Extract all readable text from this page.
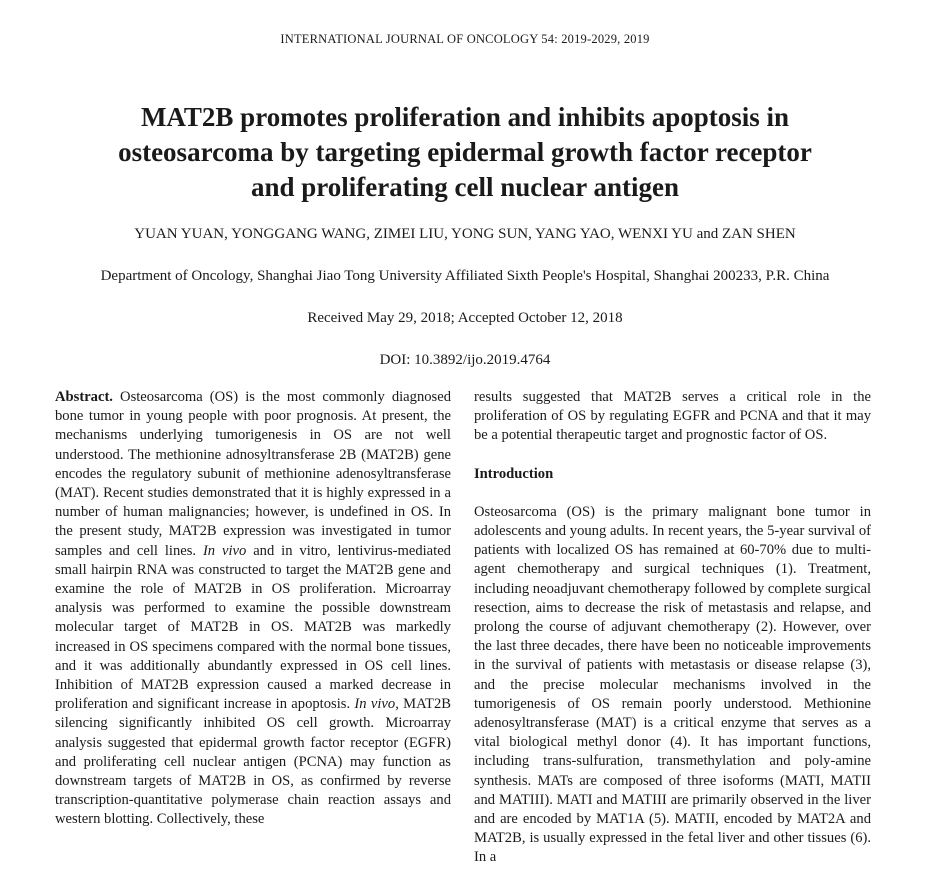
INTERNATIONAL JOURNAL OF ONCOLOGY 54: 2019-2029, 2019
MAT2B promotes proliferation and inhibits apoptosis in osteosarcoma by targeting epidermal growth factor receptor and proliferating cell nuclear antigen
YUAN YUAN, YONGGANG WANG, ZIMEI LIU, YONG SUN, YANG YAO, WENXI YU and ZAN SHEN
Department of Oncology, Shanghai Jiao Tong University Affiliated Sixth People's Hospital, Shanghai 200233, P.R. China
Received May 29, 2018; Accepted October 12, 2018
DOI: 10.3892/ijo.2019.4764

Abstract. Osteosarcoma (OS) is the most commonly diagnosed bone tumor in young people with poor prognosis. At present, the mechanisms underlying tumorigenesis in OS are not well understood. The methionine adnosyltransferase 2B (MAT2B) gene encodes the regulatory subunit of methionine adenosyltransferase (MAT). Recent studies demonstrated that it is highly expressed in a number of human malignancies; however, is undefined in OS. In the present study, MAT2B expression was investigated in tumor samples and cell lines. In vivo and in vitro, lentivirus-mediated small hairpin RNA was constructed to target the MAT2B gene and examine the role of MAT2B in OS proliferation. Microarray analysis was performed to examine the possible downstream molecular target of MAT2B in OS. MAT2B was markedly increased in OS specimens compared with the normal bone tissues, and it was additionally abundantly expressed in OS cell lines. Inhibition of MAT2B expression caused a marked decrease in proliferation and significant increase in apoptosis. In vivo, MAT2B silencing significantly inhibited OS cell growth. Microarray analysis suggested that epidermal growth factor receptor (EGFR) and proliferating cell nuclear antigen (PCNA) may function as downstream targets of MAT2B in OS, as confirmed by reverse transcription-quantitative polymerase chain reaction assays and western blotting. Collectively, these

results suggested that MAT2B serves a critical role in the proliferation of OS by regulating EGFR and PCNA and that it may be a potential therapeutic target and prognostic factor of OS.

Introduction

Osteosarcoma (OS) is the primary malignant bone tumor in adolescents and young adults. In recent years, the 5-year survival of patients with localized OS has remained at 60-70% due to multi-agent chemotherapy and surgical techniques (1). Treatment, including neoadjuvant chemotherapy followed by complete surgical resection, aims to decrease the risk of metastasis and relapse, and prolong the course of adjuvant chemotherapy (2). However, over the last three decades, there have been no noticeable improvements in the survival of patients with metastasis or disease relapse (3), and the precise molecular mechanisms involved in the tumorigenesis of OS remain poorly understood. Methionine adenosyltransferase (MAT) is a critical enzyme that serves as a vital biological methyl donor (4). It has important functions, including trans-sulfuration, transmethylation and poly-amine synthesis. MATs are composed of three isoforms (MATI, MATII and MATIII). MATI and MATIII are primarily observed in the liver and are encoded by MAT1A (5). MATII, encoded by MAT2A and MAT2B, is usually expressed in the fetal liver and other tissues (6). In a
